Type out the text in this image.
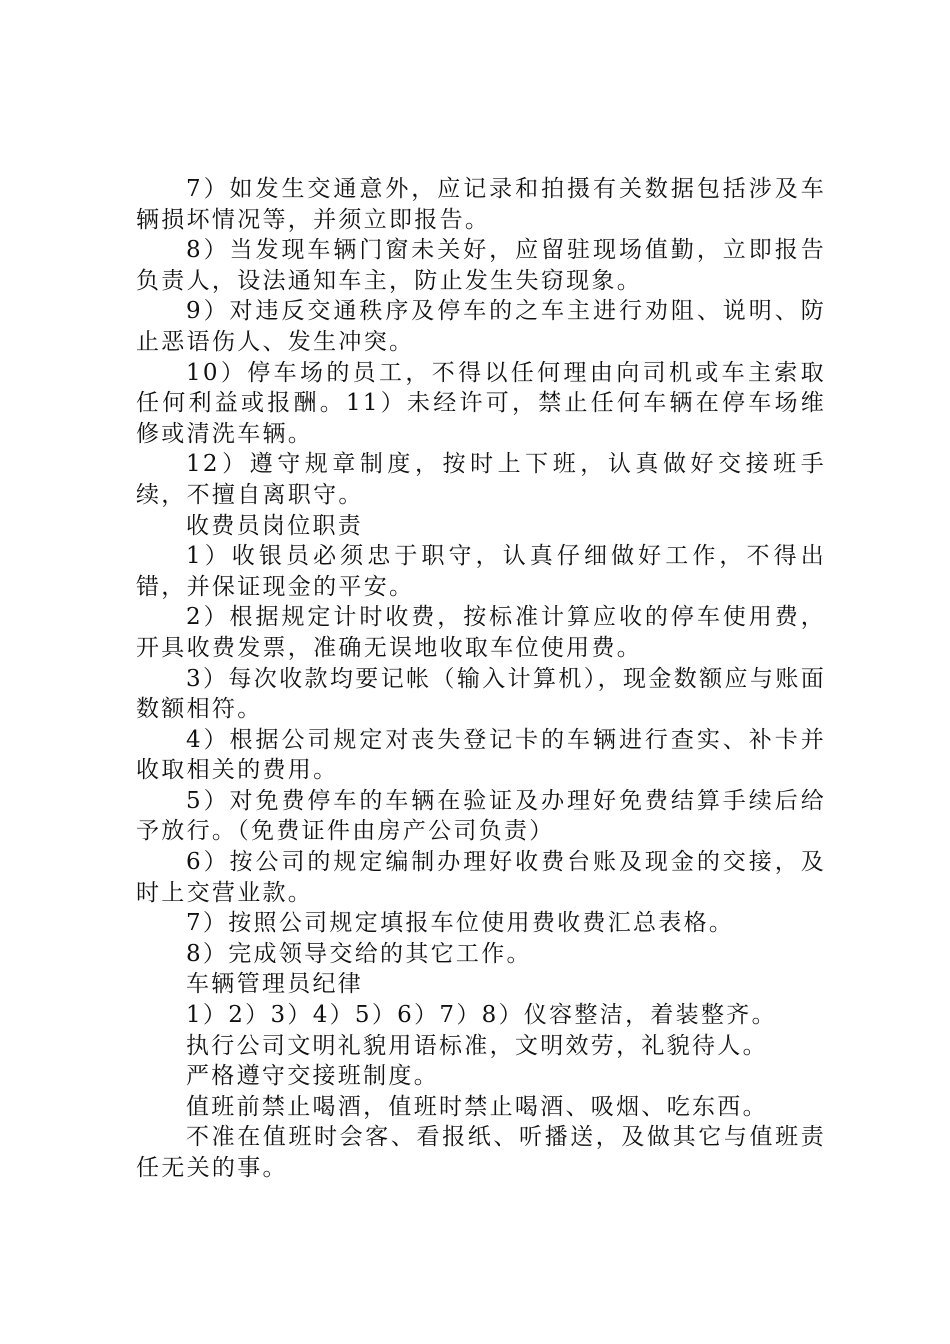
7）如发生交通意外，应记录和拍摄有关数据包括涉及车辆损坏情况等，并须立即报告。

8）当发现车辆门窗未关好，应留驻现场值勤，立即报告负责人，设法通知车主，防止发生失窃现象。

9）对违反交通秩序及停车的之车主进行劝阻、说明、防止恶语伤人、发生冲突。

10）停车场的员工，不得以任何理由向司机或车主索取任何利益或报酬。11）未经许可，禁止任何车辆在停车场维修或清洗车辆。

12）遵守规章制度，按时上下班，认真做好交接班手续，不擅自离职守。

收费员岗位职责

1）收银员必须忠于职守，认真仔细做好工作，不得出错，并保证现金的平安。

2）根据规定计时收费，按标准计算应收的停车使用费，开具收费发票，准确无误地收取车位使用费。

3）每次收款均要记帐（输入计算机），现金数额应与账面数额相符。

4）根据公司规定对丧失登记卡的车辆进行查实、补卡并收取相关的费用。

5）对免费停车的车辆在验证及办理好免费结算手续后给予放行。（免费证件由房产公司负责）

6）按公司的规定编制办理好收费台账及现金的交接，及时上交营业款。

7）按照公司规定填报车位使用费收费汇总表格。

8）完成领导交给的其它工作。

车辆管理员纪律

1）2）3）4）5）6）7）8）仪容整洁，着装整齐。

执行公司文明礼貌用语标准，文明效劳，礼貌待人。

严格遵守交接班制度。

值班前禁止喝酒，值班时禁止喝酒、吸烟、吃东西。

不准在值班时会客、看报纸、听播送，及做其它与值班责任无关的事。
